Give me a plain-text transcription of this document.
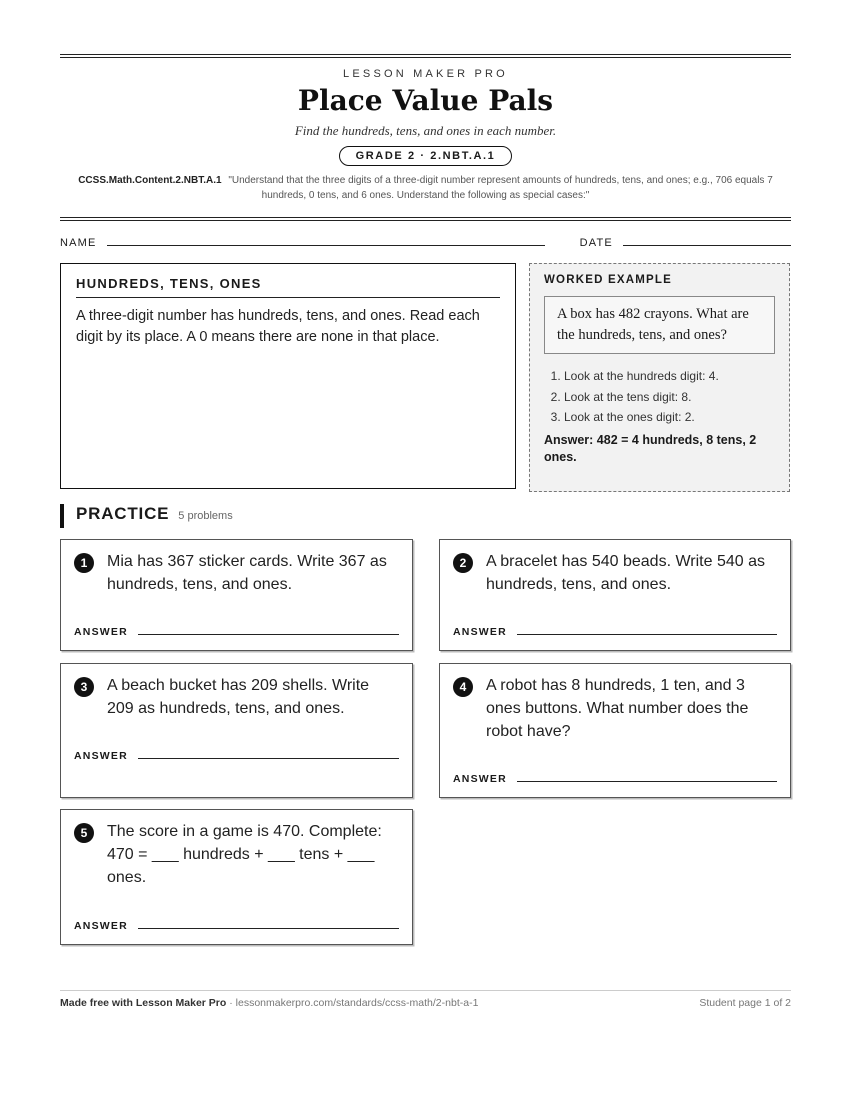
LESSON MAKER PRO
Place Value Pals
Find the hundreds, tens, and ones in each number.
GRADE 2 · 2.NBT.A.1
CCSS.Math.Content.2.NBT.A.1 "Understand that the three digits of a three-digit number represent amounts of hundreds, tens, and ones; e.g., 706 equals 7 hundreds, 0 tens, and 6 ones. Understand the following as special cases:"
NAME	DATE
HUNDREDS, TENS, ONES

A three-digit number has hundreds, tens, and ones. Read each digit by its place. A 0 means there are none in that place.

WORKED EXAMPLE
A box has 482 crayons. What are the hundreds, tens, and ones?
1. Look at the hundreds digit: 4.
2. Look at the tens digit: 8.
3. Look at the ones digit: 2.
Answer: 482 = 4 hundreds, 8 tens, 2 ones.
PRACTICE 5 problems
1	Mia has 367 sticker cards. Write 367 as hundreds, tens, and ones.
ANSWER
2	A bracelet has 540 beads. Write 540 as hundreds, tens, and ones.
ANSWER
3	A beach bucket has 209 shells. Write 209 as hundreds, tens, and ones.
ANSWER
4	A robot has 8 hundreds, 1 ten, and 3 ones buttons. What number does the robot have?
ANSWER
5	The score in a game is 470. Complete: 470 = ___ hundreds + ___ tens + ___ ones.
ANSWER
Made free with Lesson Maker Pro · lessonmakerpro.com/standards/ccss-math/2-nbt-a-1	Student page 1 of 2
